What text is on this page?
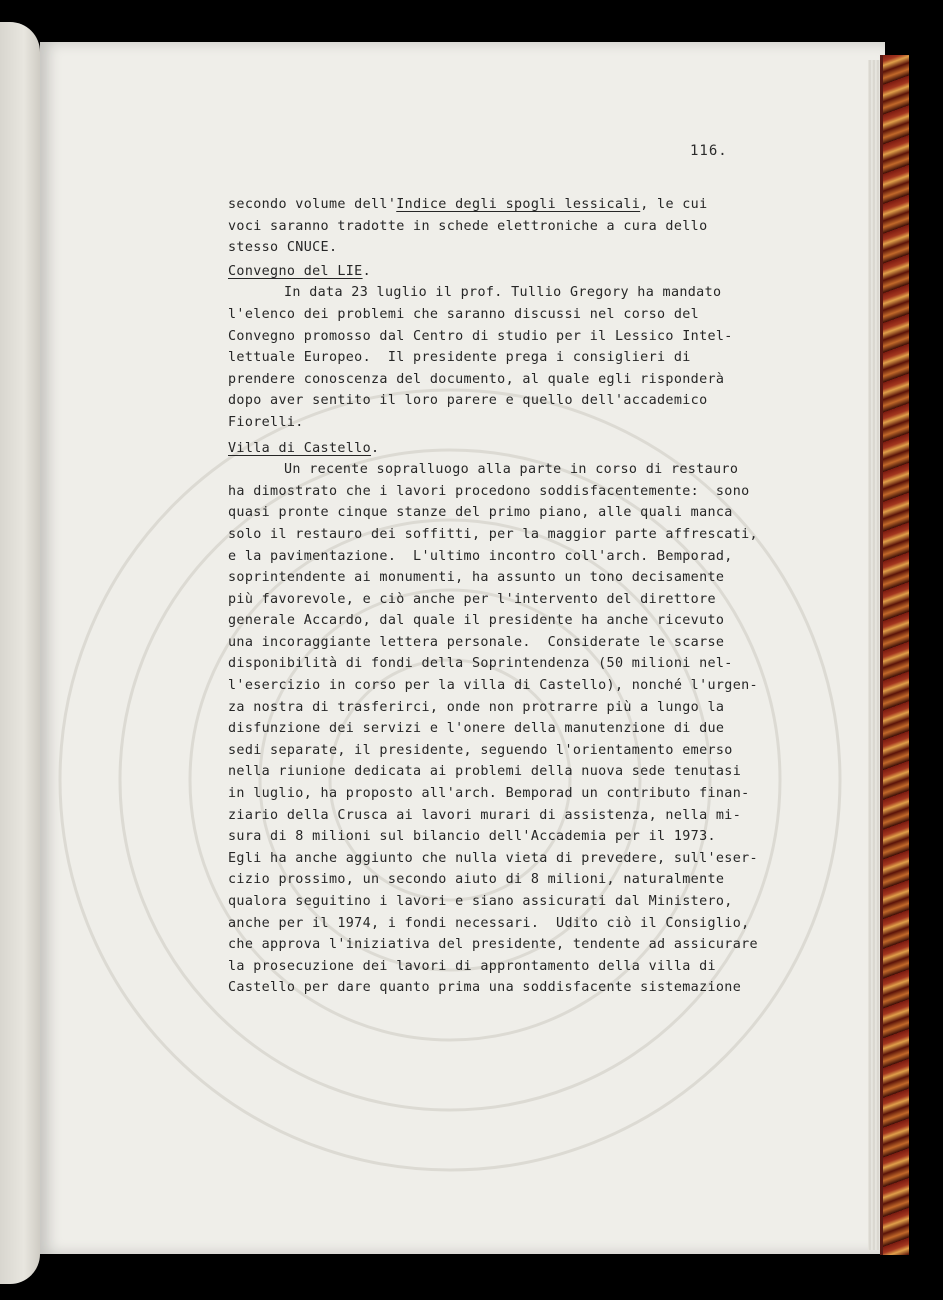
116.
secondo volume dell'Indice degli spogli lessicali, le cui
voci saranno tradotte in schede elettroniche a cura dello
stesso CNUCE.
Convegno del LIE.
In data 23 luglio il prof. Tullio Gregory ha mandato
l'elenco dei problemi che saranno discussi nel corso del
Convegno promosso dal Centro di studio per il Lessico Intel-
lettuale Europeo.  Il presidente prega i consiglieri di
prendere conoscenza del documento, al quale egli risponderà
dopo aver sentito il loro parere e quello dell'accademico
Fiorelli.
Villa di Castello.
Un recente sopralluogo alla parte in corso di restauro
ha dimostrato che i lavori procedono soddisfacentemente:  sono
quasi pronte cinque stanze del primo piano, alle quali manca
solo il restauro dei soffitti, per la maggior parte affrescati,
e la pavimentazione.  L'ultimo incontro coll'arch. Bemporad,
soprintendente ai monumenti, ha assunto un tono decisamente
più favorevole, e ciò anche per l'intervento del direttore
generale Accardo, dal quale il presidente ha anche ricevuto
una incoraggiante lettera personale.  Considerate le scarse
disponibilità di fondi della Soprintendenza (50 milioni nel-
l'esercizio in corso per la villa di Castello), nonché l'urgen-
za nostra di trasferirci, onde non protrarre più a lungo la
disfunzione dei servizi e l'onere della manutenzione di due
sedi separate, il presidente, seguendo l'orientamento emerso
nella riunione dedicata ai problemi della nuova sede tenutasi
in luglio, ha proposto all'arch. Bemporad un contributo finan-
ziario della Crusca ai lavori murari di assistenza, nella mi-
sura di 8 milioni sul bilancio dell'Accademia per il 1973.
Egli ha anche aggiunto che nulla vieta di prevedere, sull'eser-
cizio prossimo, un secondo aiuto di 8 milioni, naturalmente
qualora seguitino i lavori e siano assicurati dal Ministero,
anche per il 1974, i fondi necessari.  Udito ciò il Consiglio,
che approva l'iniziativa del presidente, tendente ad assicurare
la prosecuzione dei lavori di approntamento della villa di
Castello per dare quanto prima una soddisfacente sistemazione
